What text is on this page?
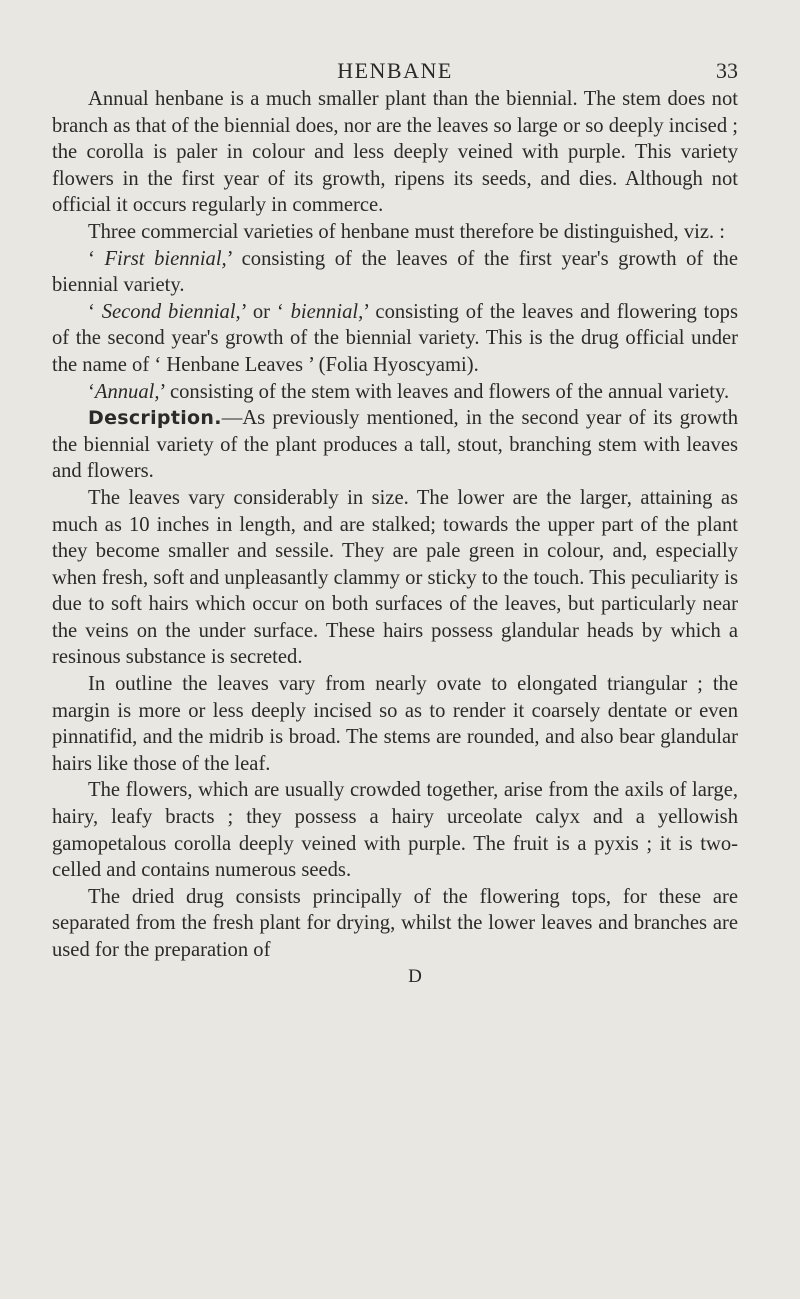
HENBANE	33

Annual henbane is a much smaller plant than the biennial. The stem does not branch as that of the biennial does, nor are the leaves so large or so deeply incised ; the corolla is paler in colour and less deeply veined with purple. This variety flowers in the first year of its growth, ripens its seeds, and dies. Although not official it occurs regularly in commerce.

Three commercial varieties of henbane must therefore be distinguished, viz. :

‘ First biennial,’ consisting of the leaves of the first year's growth of the biennial variety.

‘ Second biennial,’ or ‘ biennial,’ consisting of the leaves and flowering tops of the second year's growth of the biennial variety. This is the drug official under the name of ‘ Henbane Leaves ’ (Folia Hyoscyami).

‘Annual,’ consisting of the stem with leaves and flowers of the annual variety.

Description.—As previously mentioned, in the second year of its growth the biennial variety of the plant produces a tall, stout, branching stem with leaves and flowers.

The leaves vary considerably in size. The lower are the larger, attaining as much as 10 inches in length, and are stalked; towards the upper part of the plant they become smaller and sessile. They are pale green in colour, and, especially when fresh, soft and unpleasantly clammy or sticky to the touch. This peculiarity is due to soft hairs which occur on both surfaces of the leaves, but particularly near the veins on the under surface. These hairs possess glandular heads by which a resinous substance is secreted.

In outline the leaves vary from nearly ovate to elongated triangular ; the margin is more or less deeply incised so as to render it coarsely dentate or even pinnatifid, and the midrib is broad. The stems are rounded, and also bear glandular hairs like those of the leaf.

The flowers, which are usually crowded together, arise from the axils of large, hairy, leafy bracts ; they possess a hairy urceolate calyx and a yellowish gamopetalous corolla deeply veined with purple. The fruit is a pyxis ; it is two-celled and contains numerous seeds.

The dried drug consists principally of the flowering tops, for these are separated from the fresh plant for drying, whilst the lower leaves and branches are used for the preparation of

D
